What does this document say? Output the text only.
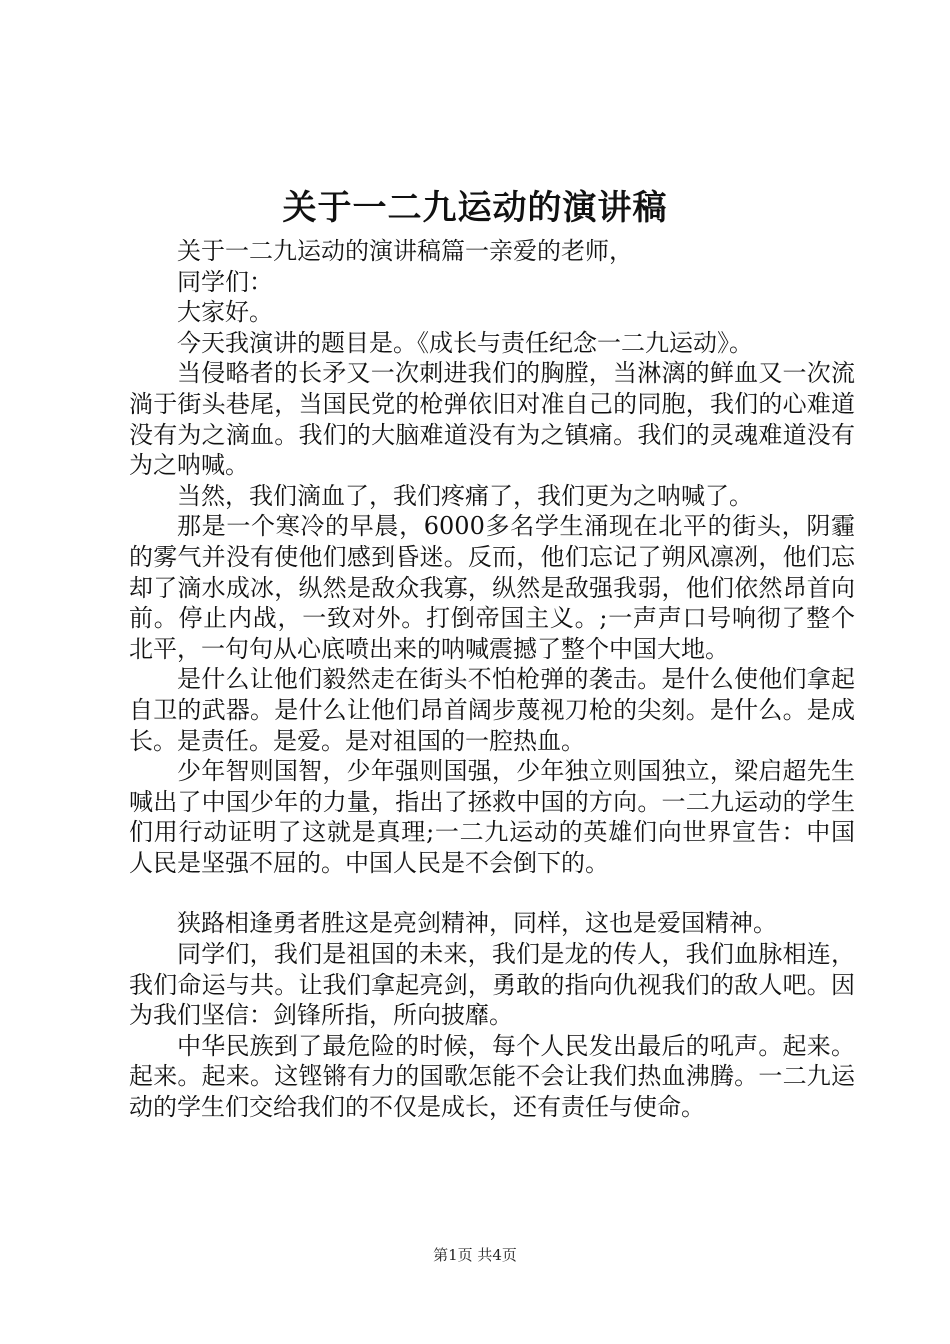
关于一二九运动的演讲稿

关于一二九运动的演讲稿篇一亲爱的老师，

同学们：

大家好。

今天我演讲的题目是。《成长与责任纪念一二九运动》。

当侵略者的长矛又一次刺进我们的胸膛，当淋漓的鲜血又一次流淌于街头巷尾，当国民党的枪弹依旧对准自己的同胞，我们的心难道没有为之滴血。我们的大脑难道没有为之镇痛。我们的灵魂难道没有为之呐喊。

当然，我们滴血了，我们疼痛了，我们更为之呐喊了。

那是一个寒冷的早晨，6000多名学生涌现在北平的街头，阴霾的雾气并没有使他们感到昏迷。反而，他们忘记了朔风凛冽，他们忘却了滴水成冰，纵然是敌众我寡，纵然是敌强我弱，他们依然昂首向前。停止内战，一致对外。打倒帝国主义。;一声声口号响彻了整个北平，一句句从心底喷出来的呐喊震撼了整个中国大地。

是什么让他们毅然走在街头不怕枪弹的袭击。是什么使他们拿起自卫的武器。是什么让他们昂首阔步蔑视刀枪的尖刻。是什么。是成长。是责任。是爱。是对祖国的一腔热血。

少年智则国智，少年强则国强，少年独立则国独立，梁启超先生喊出了中国少年的力量，指出了拯救中国的方向。一二九运动的学生们用行动证明了这就是真理;一二九运动的英雄们向世界宣告：中国人民是坚强不屈的。中国人民是不会倒下的。

狭路相逢勇者胜这是亮剑精神，同样，这也是爱国精神。

同学们，我们是祖国的未来，我们是龙的传人，我们血脉相连，我们命运与共。让我们拿起亮剑，勇敢的指向仇视我们的敌人吧。因为我们坚信：剑锋所指，所向披靡。

中华民族到了最危险的时候，每个人民发出最后的吼声。起来。起来。起来。这铿锵有力的国歌怎能不会让我们热血沸腾。一二九运动的学生们交给我们的不仅是成长，还有责任与使命。

第1页 共4页
